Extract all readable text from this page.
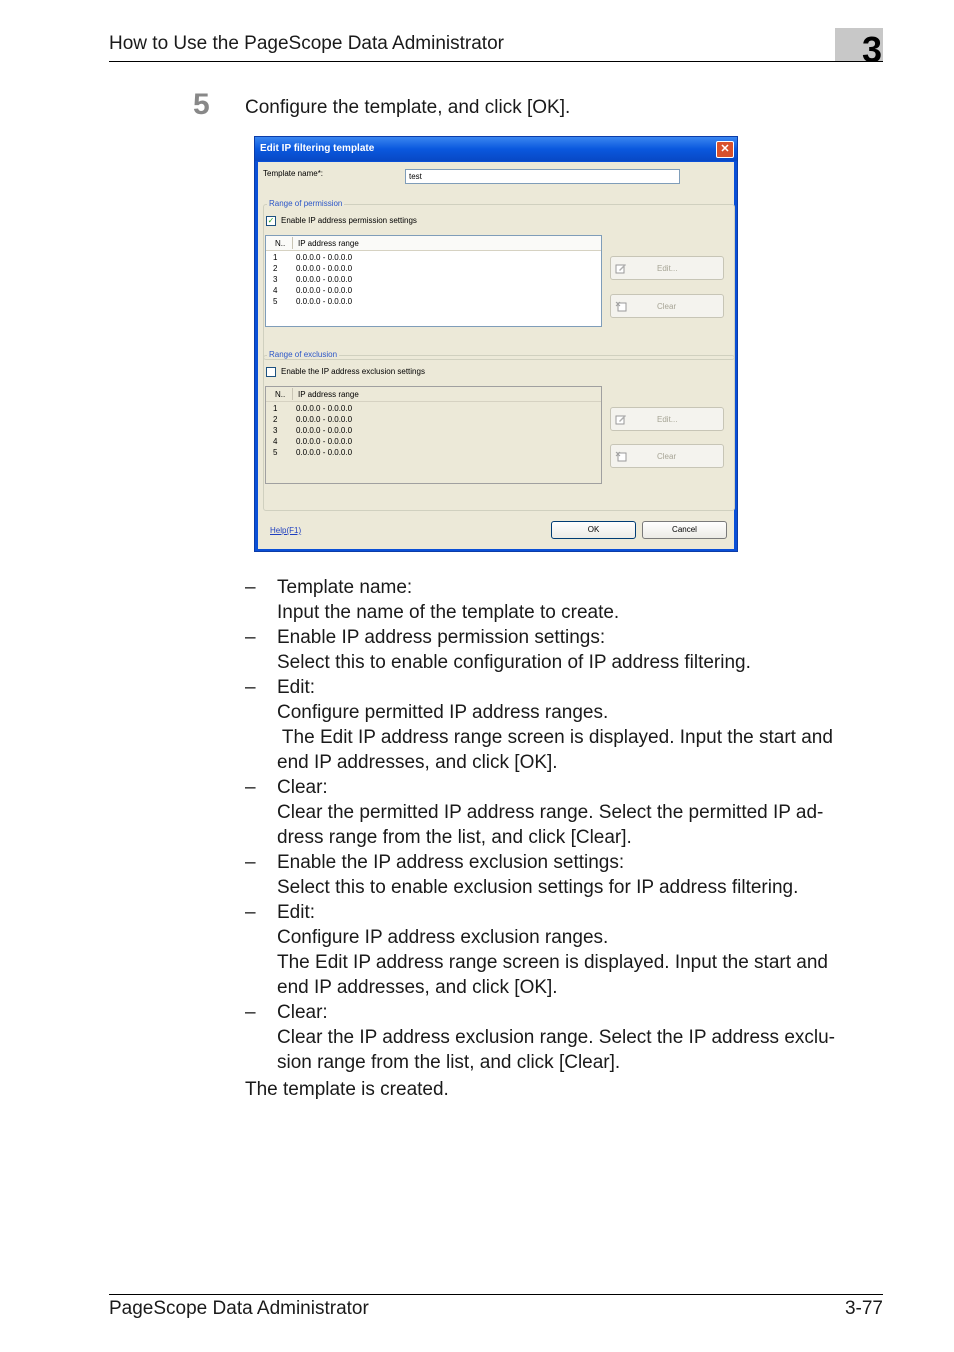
How to Use the PageScope Data Administrator	3
5 Configure the template, and click [OK].
Edit IP filtering template	✕
Template name*:	test
Range of permission
✓ Enable IP address permission settings
N.. IP address range
1 0.0.0.0 - 0.0.0.0
2 0.0.0.0 - 0.0.0.0
3 0.0.0.0 - 0.0.0.0
4 0.0.0.0 - 0.0.0.0
5 0.0.0.0 - 0.0.0.0
Edit...
Clear
Range of exclusion
Enable the IP address exclusion settings
N.. IP address range
1 0.0.0.0 - 0.0.0.0
2 0.0.0.0 - 0.0.0.0
3 0.0.0.0 - 0.0.0.0
4 0.0.0.0 - 0.0.0.0
5 0.0.0.0 - 0.0.0.0
Edit...
Clear
Help(F1)	OK	Cancel
– Template name:
Input the name of the template to create.
– Enable IP address permission settings:
Select this to enable configuration of IP address filtering.
– Edit:
Configure permitted IP address ranges.
The Edit IP address range screen is displayed. Input the start and
end IP addresses, and click [OK].
– Clear:
Clear the permitted IP address range. Select the permitted IP ad-
dress range from the list, and click [Clear].
– Enable the IP address exclusion settings:
Select this to enable exclusion settings for IP address filtering.
– Edit:
Configure IP address exclusion ranges.
The Edit IP address range screen is displayed. Input the start and
end IP addresses, and click [OK].
– Clear:
Clear the IP address exclusion range. Select the IP address exclu-
sion range from the list, and click [Clear].
The template is created.
PageScope Data Administrator	3-77
